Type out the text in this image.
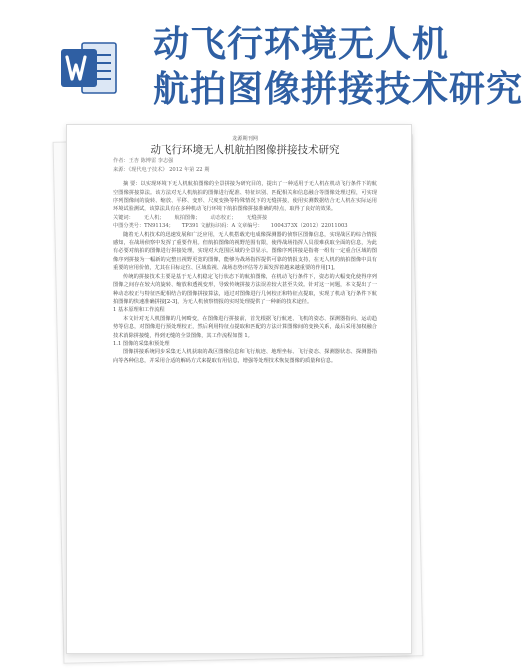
动飞行环境无人机
航拍图像拼接技术研究

龙源期刊网

动飞行环境无人机航拍图像拼接技术研究

作者：王杏 陈博雷 李志强

来源：《现代电子技术》 2012 年第 22 期

摘 要：以实现环境下无人机航拍图像的全景拼接为研究目的，提出了一种适用于无人机在机动飞行条件下的航空图像拼接算法。该方法对无人机航拍的图像进行配准、特征识别、匹配相关和信息融合等图像处理过程，可实现序列图像间的旋转、缩放、平移、变形、尺度变换等特殊情况下的无缝拼接，使用实测数据结合无人机在实际运用环境试验测试，该算法具有在多种机动飞行环境下航拍图像拼接准确的特点，取得了良好的效果。

关键词： 无人机； 航拍图像； 动态校正； 无缝拼接

中图分类号：TN91134； TP391 文献标识码：A 文章编号： 1004373X（2012）22011003

随着无人机技术的迅速发展和广泛应用，无人机搭载光电成像探测器的侦察区图像信息，实现战区的综合情报感知，在战场侦察中发挥了重要作用。但航拍图像的视野范围有限，使得战场指挥人员很难获取全面的信息，为此有必要对航拍的图像进行拼接处理，实现对大范围区域的全景显示。图像序列拼接是指将一组有一定重合区域的图像序列拼接为一幅新的完整且视野更宽的图像，能够为战场指挥提供可靠的情报支持，在无人机的航拍图像中具有重要的应用价值，尤其在目标定位、区域监视、战场态势评估等方面发挥着越来越重要的作用[1]。

传统的拼接技术主要是基于无人机稳定飞行状态下的航拍图像，在机动飞行条件下，姿态的大幅变化使得序列图像之间存在较大的旋转、缩放和透视变形，导致传统拼接方法误差较大甚至失效。针对这一问题，本文提出了一种动态校正与特征匹配相结合的图像拼接算法，通过对图像进行几何校正和特征点提取，实现了机动飞行条件下航拍图像的快速准确拼接[2-3]，为无人机侦察情报的实时处理提供了一种新的技术途径。

1 基本原理和工作流程

本文针对无人机图像的几何畸变，在图像进行拼接前，首先根据飞行航迹、飞机的姿态、探测器指向、运动趋势等信息，对图像进行预处理校正，然后利用特征点提取和匹配的方法计算图像间的变换关系，最后采用加权融合技术消除拼接缝，得到无缝的全景图像，其工作流程如图 1。

1.1 图像的采集和预处理

图像拼接系统同步采集无人机获取的战区图像信息和飞行航迹、地理坐标、飞行姿态、探测器状态、探测器指向等各种信息，并采用合适的解码方式来提取有用信息，增强等处理技术恢复图像的质量和信息。
